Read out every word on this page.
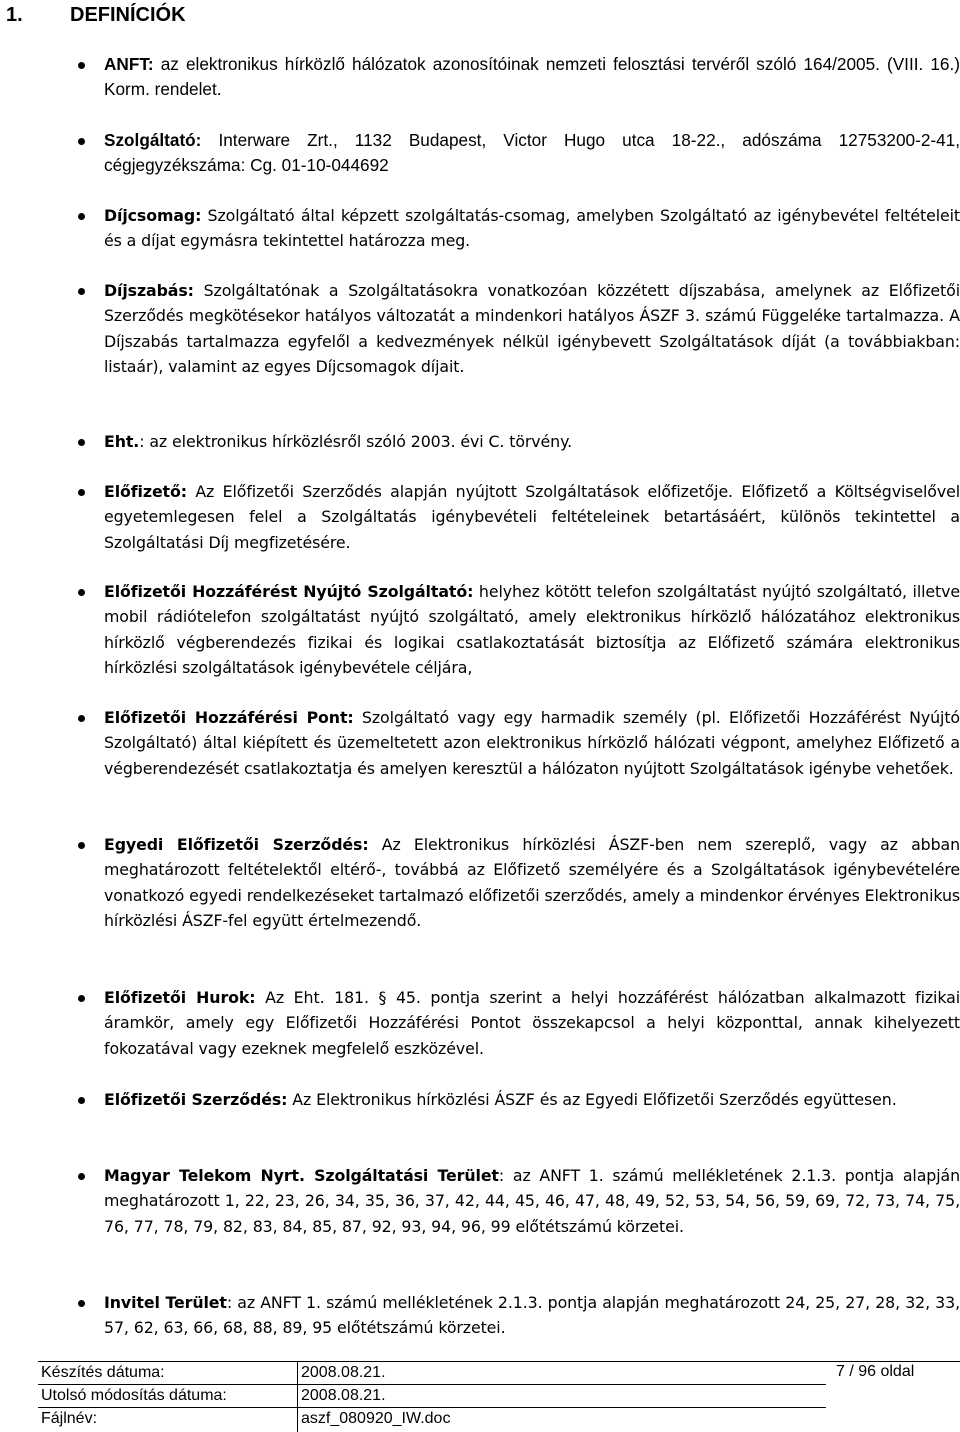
1. DEFINÍCIÓK

ANFT: az elektronikus hírközlő hálózatok azonosítóinak nemzeti felosztási tervéről szóló 164/2005. (VIII. 16.) Korm. rendelet.

Szolgáltató: Interware Zrt., 1132 Budapest, Victor Hugo utca 18-22., adószáma 12753200-2-41, cégjegyzékszáma: Cg. 01-10-044692

Díjcsomag: Szolgáltató által képzett szolgáltatás-csomag, amelyben Szolgáltató az igénybevétel feltételeit és a díjat egymásra tekintettel határozza meg.

Díjszabás: Szolgáltatónak a Szolgáltatásokra vonatkozóan közzétett díjszabása, amelynek az Előfizetői Szerződés megkötésekor hatályos változatát a mindenkori hatályos ÁSZF 3. számú Függeléke tartalmazza. A Díjszabás tartalmazza egyfelől a kedvezmények nélkül igénybevett Szolgáltatások díját (a továbbiakban: listaár), valamint az egyes Díjcsomagok díjait.

Eht.: az elektronikus hírközlésről szóló 2003. évi C. törvény.

Előfizető: Az Előfizetői Szerződés alapján nyújtott Szolgáltatások előfizetője. Előfizető a Költségviselővel egyetemlegesen felel a Szolgáltatás igénybevételi feltételeinek betartásáért, különös tekintettel a Szolgáltatási Díj megfizetésére.

Előfizetői Hozzáférést Nyújtó Szolgáltató: helyhez kötött telefon szolgáltatást nyújtó szolgáltató, illetve mobil rádiótelefon szolgáltatást nyújtó szolgáltató, amely elektronikus hírközlő hálózatához elektronikus hírközlő végberendezés fizikai és logikai csatlakoztatását biztosítja az Előfizető számára elektronikus hírközlési szolgáltatások igénybevétele céljára,

Előfizetői Hozzáférési Pont: Szolgáltató vagy egy harmadik személy (pl. Előfizetői Hozzáférést Nyújtó Szolgáltató) által kiépített és üzemeltetett azon elektronikus hírközlő hálózati végpont, amelyhez Előfizető a végberendezését csatlakoztatja és amelyen keresztül a hálózaton nyújtott Szolgáltatások igénybe vehetőek.

Egyedi Előfizetői Szerződés: Az Elektronikus hírközlési ÁSZF-ben nem szereplő, vagy az abban meghatározott feltételektől eltérő-, továbbá az Előfizető személyére és a Szolgáltatások igénybevételére vonatkozó egyedi rendelkezéseket tartalmazó előfizetői szerződés, amely a mindenkor érvényes Elektronikus hírközlési ÁSZF-fel együtt értelmezendő.

Előfizetői Hurok: Az Eht. 181. § 45. pontja szerint a helyi hozzáférést hálózatban alkalmazott fizikai áramkör, amely egy Előfizetői Hozzáférési Pontot összekapcsol a helyi központtal, annak kihelyezett fokozatával vagy ezeknek megfelelő eszközével.

Előfizetői Szerződés: Az Elektronikus hírközlési ÁSZF és az Egyedi Előfizetői Szerződés együttesen.

Magyar Telekom Nyrt. Szolgáltatási Terület: az ANFT 1. számú mellékletének 2.1.3. pontja alapján meghatározott 1, 22, 23, 26, 34, 35, 36, 37, 42, 44, 45, 46, 47, 48, 49, 52, 53, 54, 56, 59, 69, 72, 73, 74, 75, 76, 77, 78, 79, 82, 83, 84, 85, 87, 92, 93, 94, 96, 99 előtétszámú körzetei.

Invitel Terület: az ANFT 1. számú mellékletének 2.1.3. pontja alapján meghatározott 24, 25, 27, 28, 32, 33, 57, 62, 63, 66, 68, 88, 89, 95 előtétszámú körzetei.

Készítés dátuma:	2008.08.21.
Utolsó módosítás dátuma:	2008.08.21.
Fájlnév:	aszf_080920_IW.doc
7 / 96 oldal
